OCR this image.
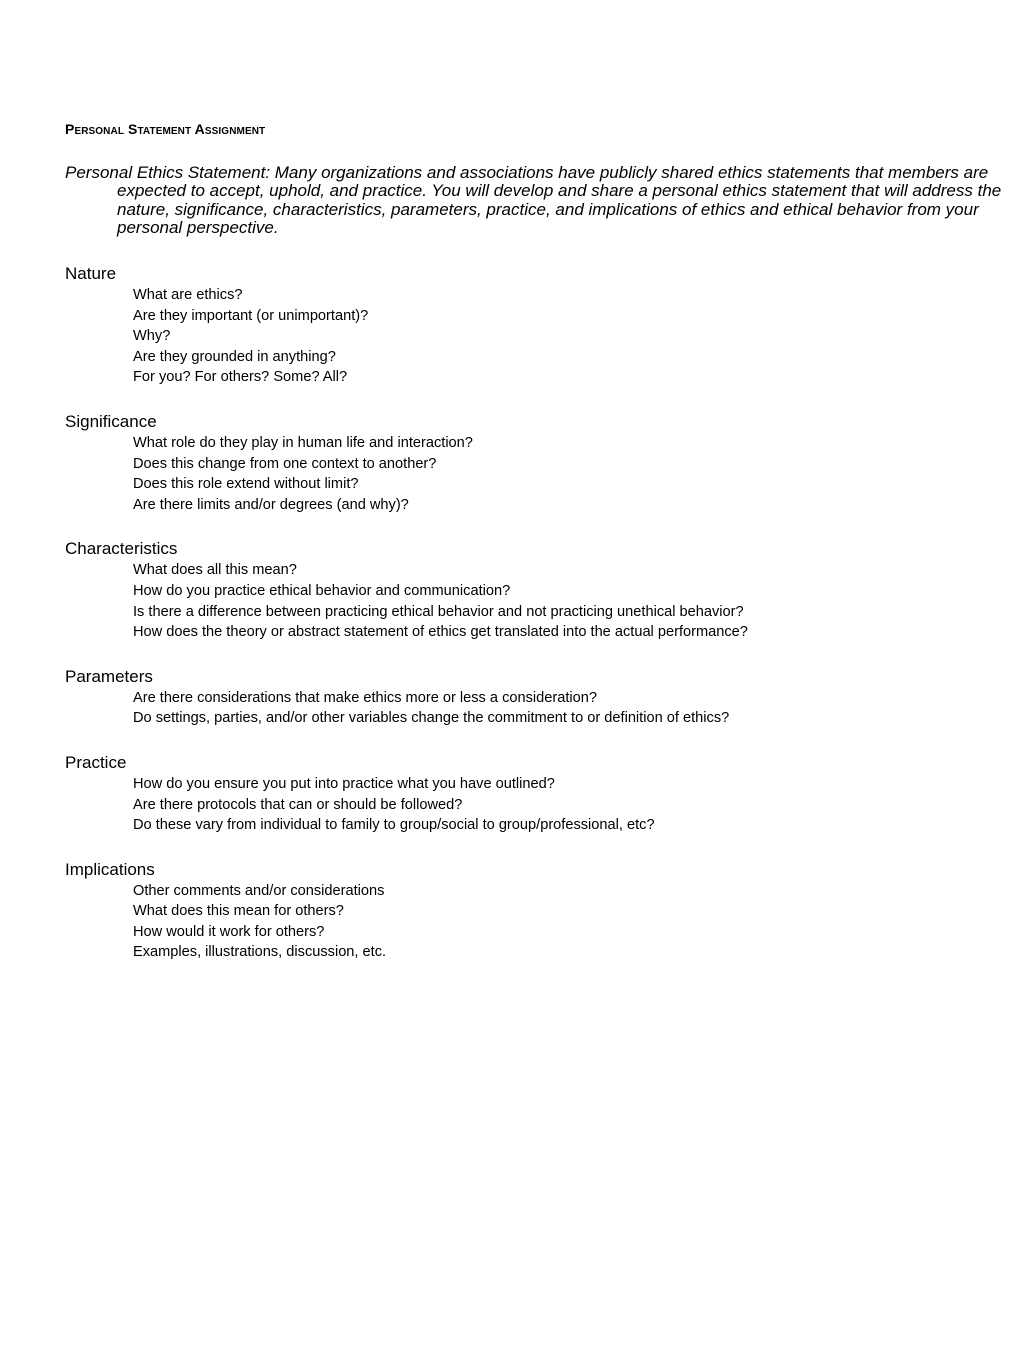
Personal Statement Assignment

Personal Ethics Statement: Many organizations and associations have publicly shared ethics statements that members are expected to accept, uphold, and practice. You will develop and share a personal ethics statement that will address the nature, significance, characteristics, parameters, practice, and implications of ethics and ethical behavior from your personal perspective.

Nature
What are ethics?
Are they important (or unimportant)?
Why?
Are they grounded in anything?
For you? For others? Some? All?
Significance
What role do they play in human life and interaction?
Does this change from one context to another?
Does this role extend without limit?
Are there limits and/or degrees (and why)?
Characteristics
What does all this mean?
How do you practice ethical behavior and communication?
Is there a difference between practicing ethical behavior and not practicing unethical behavior?
How does the theory or abstract statement of ethics get translated into the actual performance?
Parameters
Are there considerations that make ethics more or less a consideration?
Do settings, parties, and/or other variables change the commitment to or definition of ethics?
Practice
How do you ensure you put into practice what you have outlined?
Are there protocols that can or should be followed?
Do these vary from individual to family to group/social to group/professional, etc?
Implications
Other comments and/or considerations
What does this mean for others?
How would it work for others?
Examples, illustrations, discussion, etc.
